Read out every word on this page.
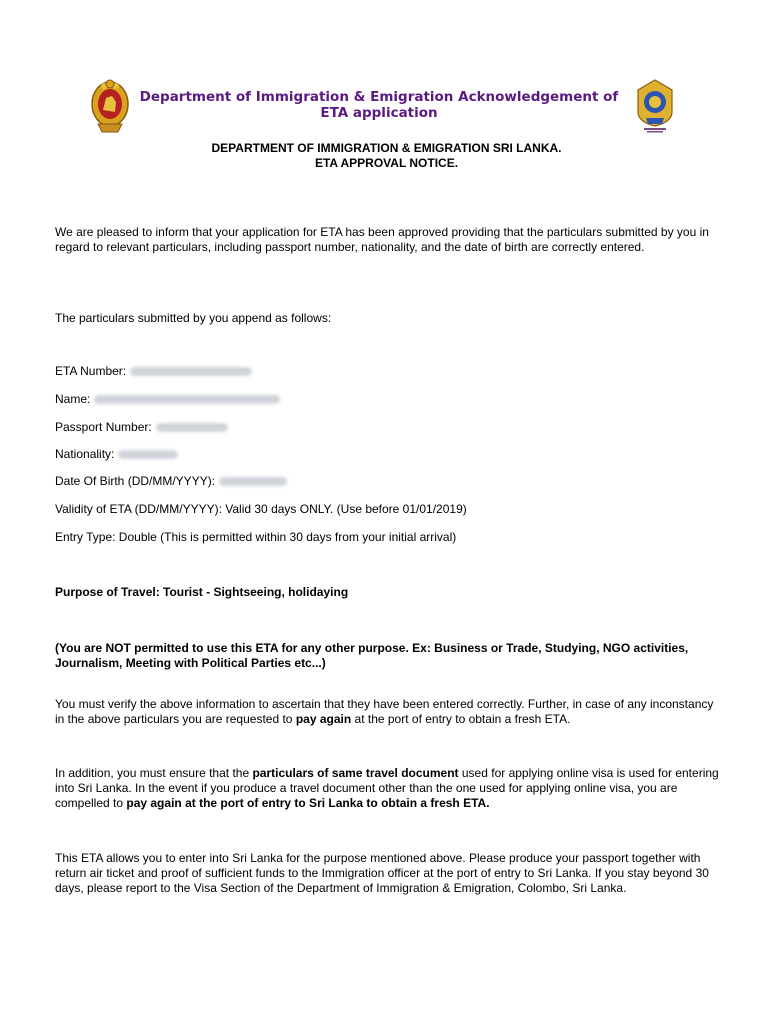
Department of Immigration & Emigration Acknowledgement of ETA application
DEPARTMENT OF IMMIGRATION & EMIGRATION SRI LANKA.
ETA APPROVAL NOTICE.
We are pleased to inform that your application for ETA has been approved providing that the particulars submitted by you in regard to relevant particulars, including passport number, nationality, and the date of birth are correctly entered.
The particulars submitted by you append as follows:
ETA Number:
Name:
Passport Number:
Nationality:
Date Of Birth (DD/MM/YYYY):
Validity of ETA (DD/MM/YYYY): Valid 30 days ONLY. (Use before 01/01/2019)
Entry Type: Double (This is permitted within 30 days from your initial arrival)
Purpose of Travel: Tourist - Sightseeing, holidaying
(You are NOT permitted to use this ETA for any other purpose. Ex: Business or Trade, Studying, NGO activities, Journalism, Meeting with Political Parties etc...)
You must verify the above information to ascertain that they have been entered correctly. Further, in case of any inconstancy in the above particulars you are requested to pay again at the port of entry to obtain a fresh ETA.
In addition, you must ensure that the particulars of same travel document used for applying online visa is used for entering into Sri Lanka. In the event if you produce a travel document other than the one used for applying online visa, you are compelled to pay again at the port of entry to Sri Lanka to obtain a fresh ETA.
This ETA allows you to enter into Sri Lanka for the purpose mentioned above. Please produce your passport together with return air ticket and proof of sufficient funds to the Immigration officer at the port of entry to Sri Lanka. If you stay beyond 30 days, please report to the Visa Section of the Department of Immigration & Emigration, Colombo, Sri Lanka.
